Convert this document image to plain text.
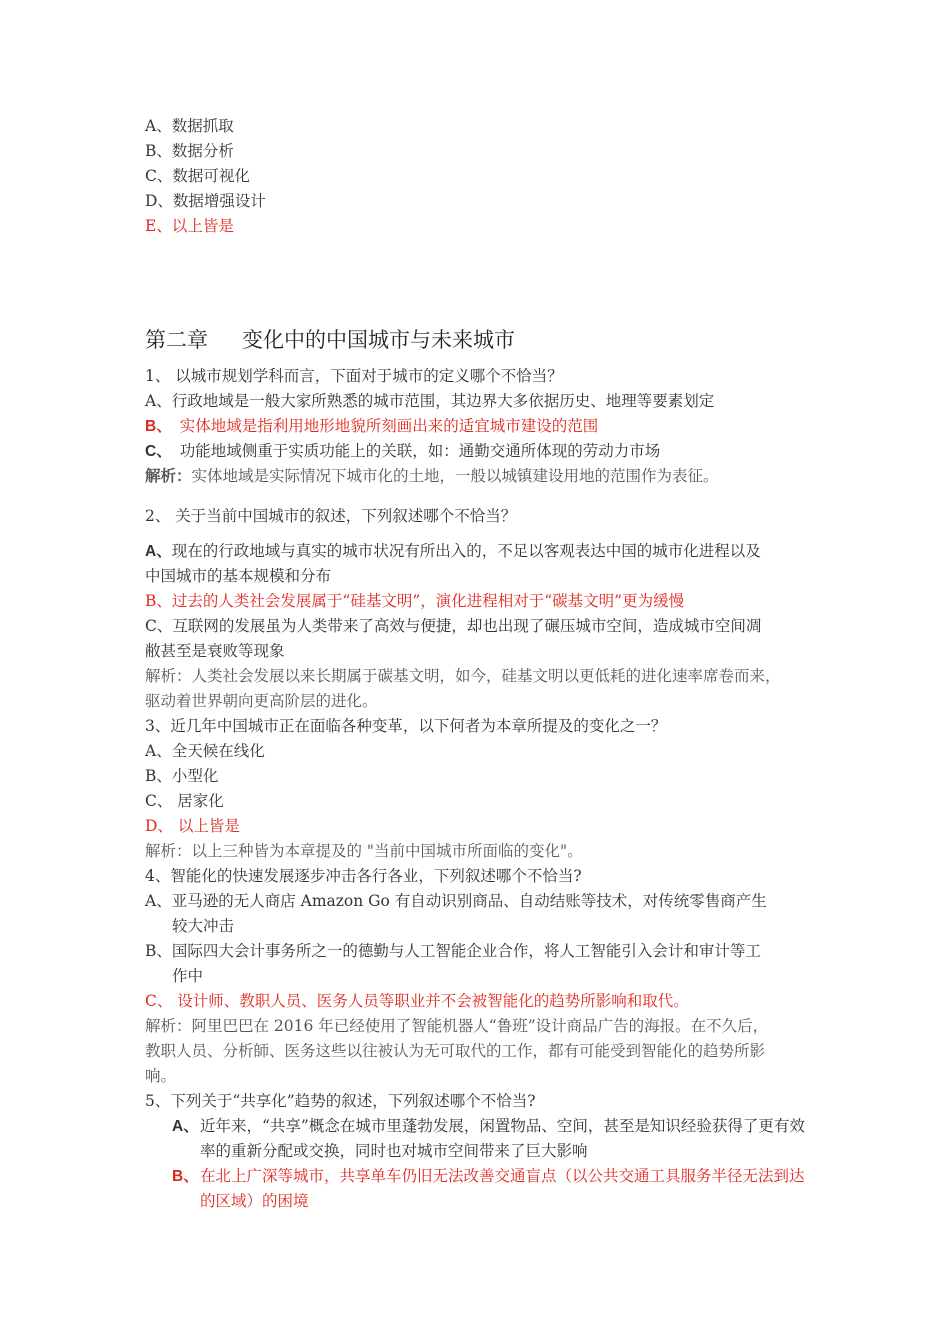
A、数据抓取
B、数据分析
C、数据可视化
D、数据增强设计
E、以上皆是
第二章 变化中的中国城市与未来城市
1、 以城市规划学科而言，下面对于城市的定义哪个不恰当？
A、行政地域是一般大家所熟悉的城市范围，其边界大多依据历史、地理等要素划定
B、 实体地域是指利用地形地貌所刻画出来的适宜城市建设的范围
C、 功能地域侧重于实质功能上的关联，如：通勤交通所体现的劳动力市场
解析：实体地域是实际情况下城市化的土地，一般以城镇建设用地的范围作为表征。
2、 关于当前中国城市的叙述，下列叙述哪个不恰当？
A、现在的行政地域与真实的城市状况有所出入的，不足以客观表达中国的城市化进程以及
中国城市的基本规模和分布
B、过去的人类社会发展属于“硅基文明”，演化进程相对于“碳基文明”更为缓慢
C、互联网的发展虽为人类带来了高效与便捷，却也出现了碾压城市空间，造成城市空间凋
敝甚至是衰败等现象
解析：人类社会发展以来长期属于碳基文明，如今，硅基文明以更低耗的进化速率席卷而来，
驱动着世界朝向更高阶层的进化。
3、近几年中国城市正在面临各种变革，以下何者为本章所提及的变化之一？
A、全天候在线化
B、小型化
C、 居家化
D、 以上皆是
解析：以上三种皆为本章提及的 "当前中国城市所面临的变化"。
4、智能化的快速发展逐步冲击各行各业，下列叙述哪个不恰当?
A、亚马逊的无人商店 Amazon Go 有自动识别商品、自动结账等技术，对传统零售商产生
较大冲击
B、国际四大会计事务所之一的德勤与人工智能企业合作，将人工智能引入会计和审计等工
作中
C、 设计师、教职人员、医务人员等职业并不会被智能化的趋势所影响和取代。
解析：阿里巴巴在 2016 年已经使用了智能机器人“鲁班”设计商品广告的海报。在不久后，
教职人员、分析師、医务这些以往被认为无可取代的工作，都有可能受到智能化的趋势所影
响。
5、下列关于“共享化”趋势的叙述，下列叙述哪个不恰当?
A、 近年来，“共享”概念在城市里蓬勃发展，闲置物品、空间，甚至是知识经验获得了更有效率的重新分配或交换，同时也对城市空间带来了巨大影响
B、 在北上广深等城市，共享单车仍旧无法改善交通盲点（以公共交通工具服务半径无法到达的区域）的困境
